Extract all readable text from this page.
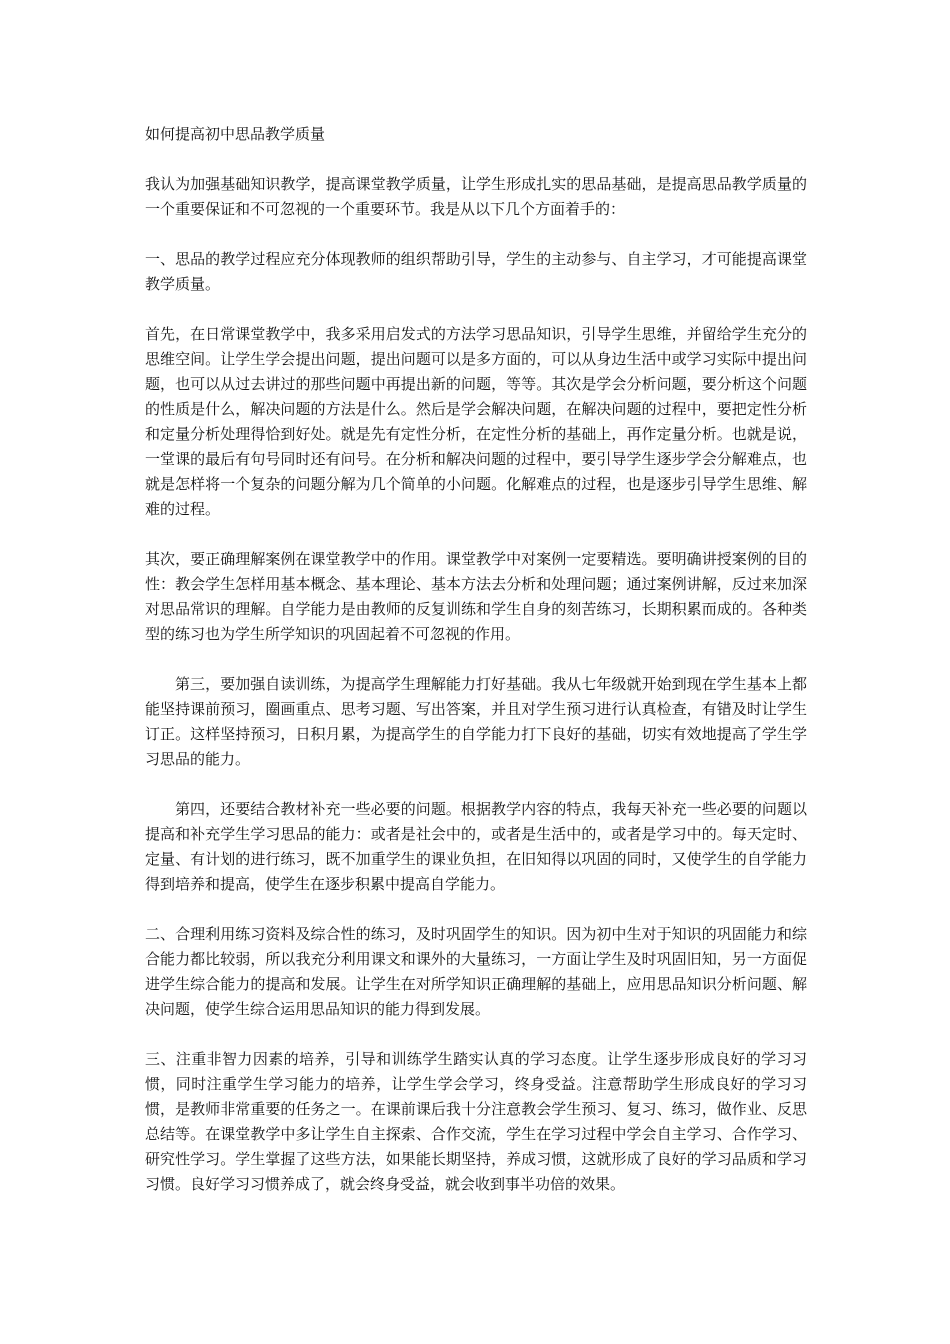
如何提高初中思品教学质量

我认为加强基础知识教学，提高课堂教学质量，让学生形成扎实的思品基础，是提高思品教学质量的一个重要保证和不可忽视的一个重要环节。我是从以下几个方面着手的：

一、思品的教学过程应充分体现教师的组织帮助引导，学生的主动参与、自主学习，才可能提高课堂教学质量。

首先，在日常课堂教学中，我多采用启发式的方法学习思品知识，引导学生思维，并留给学生充分的思维空间。让学生学会提出问题，提出问题可以是多方面的，可以从身边生活中或学习实际中提出问题，也可以从过去讲过的那些问题中再提出新的问题，等等。其次是学会分析问题，要分析这个问题的性质是什么，解决问题的方法是什么。然后是学会解决问题，在解决问题的过程中，要把定性分析和定量分析处理得恰到好处。就是先有定性分析，在定性分析的基础上，再作定量分析。也就是说，一堂课的最后有句号同时还有问号。在分析和解决问题的过程中，要引导学生逐步学会分解难点，也就是怎样将一个复杂的问题分解为几个简单的小问题。化解难点的过程，也是逐步引导学生思维、解难的过程。

其次，要正确理解案例在课堂教学中的作用。课堂教学中对案例一定要精选。要明确讲授案例的目的性：教会学生怎样用基本概念、基本理论、基本方法去分析和处理问题；通过案例讲解，反过来加深对思品常识的理解。自学能力是由教师的反复训练和学生自身的刻苦练习，长期积累而成的。各种类型的练习也为学生所学知识的巩固起着不可忽视的作用。

第三，要加强自读训练，为提高学生理解能力打好基础。我从七年级就开始到现在学生基本上都能坚持课前预习，圈画重点、思考习题、写出答案，并且对学生预习进行认真检查，有错及时让学生订正。这样坚持预习，日积月累，为提高学生的自学能力打下良好的基础，切实有效地提高了学生学习思品的能力。

第四，还要结合教材补充一些必要的问题。根据教学内容的特点，我每天补充一些必要的问题以提高和补充学生学习思品的能力：或者是社会中的，或者是生活中的，或者是学习中的。每天定时、定量、有计划的进行练习，既不加重学生的课业负担，在旧知得以巩固的同时，又使学生的自学能力得到培养和提高，使学生在逐步积累中提高自学能力。

二、合理利用练习资料及综合性的练习，及时巩固学生的知识。因为初中生对于知识的巩固能力和综合能力都比较弱，所以我充分利用课文和课外的大量练习，一方面让学生及时巩固旧知，另一方面促进学生综合能力的提高和发展。让学生在对所学知识正确理解的基础上，应用思品知识分析问题、解决问题，使学生综合运用思品知识的能力得到发展。

三、注重非智力因素的培养，引导和训练学生踏实认真的学习态度。让学生逐步形成良好的学习习惯，同时注重学生学习能力的培养，让学生学会学习，终身受益。注意帮助学生形成良好的学习习惯，是教师非常重要的任务之一。在课前课后我十分注意教会学生预习、复习、练习，做作业、反思总结等。在课堂教学中多让学生自主探索、合作交流，学生在学习过程中学会自主学习、合作学习、研究性学习。学生掌握了这些方法，如果能长期坚持，养成习惯，这就形成了良好的学习品质和学习习惯。良好学习习惯养成了，就会终身受益，就会收到事半功倍的效果。
